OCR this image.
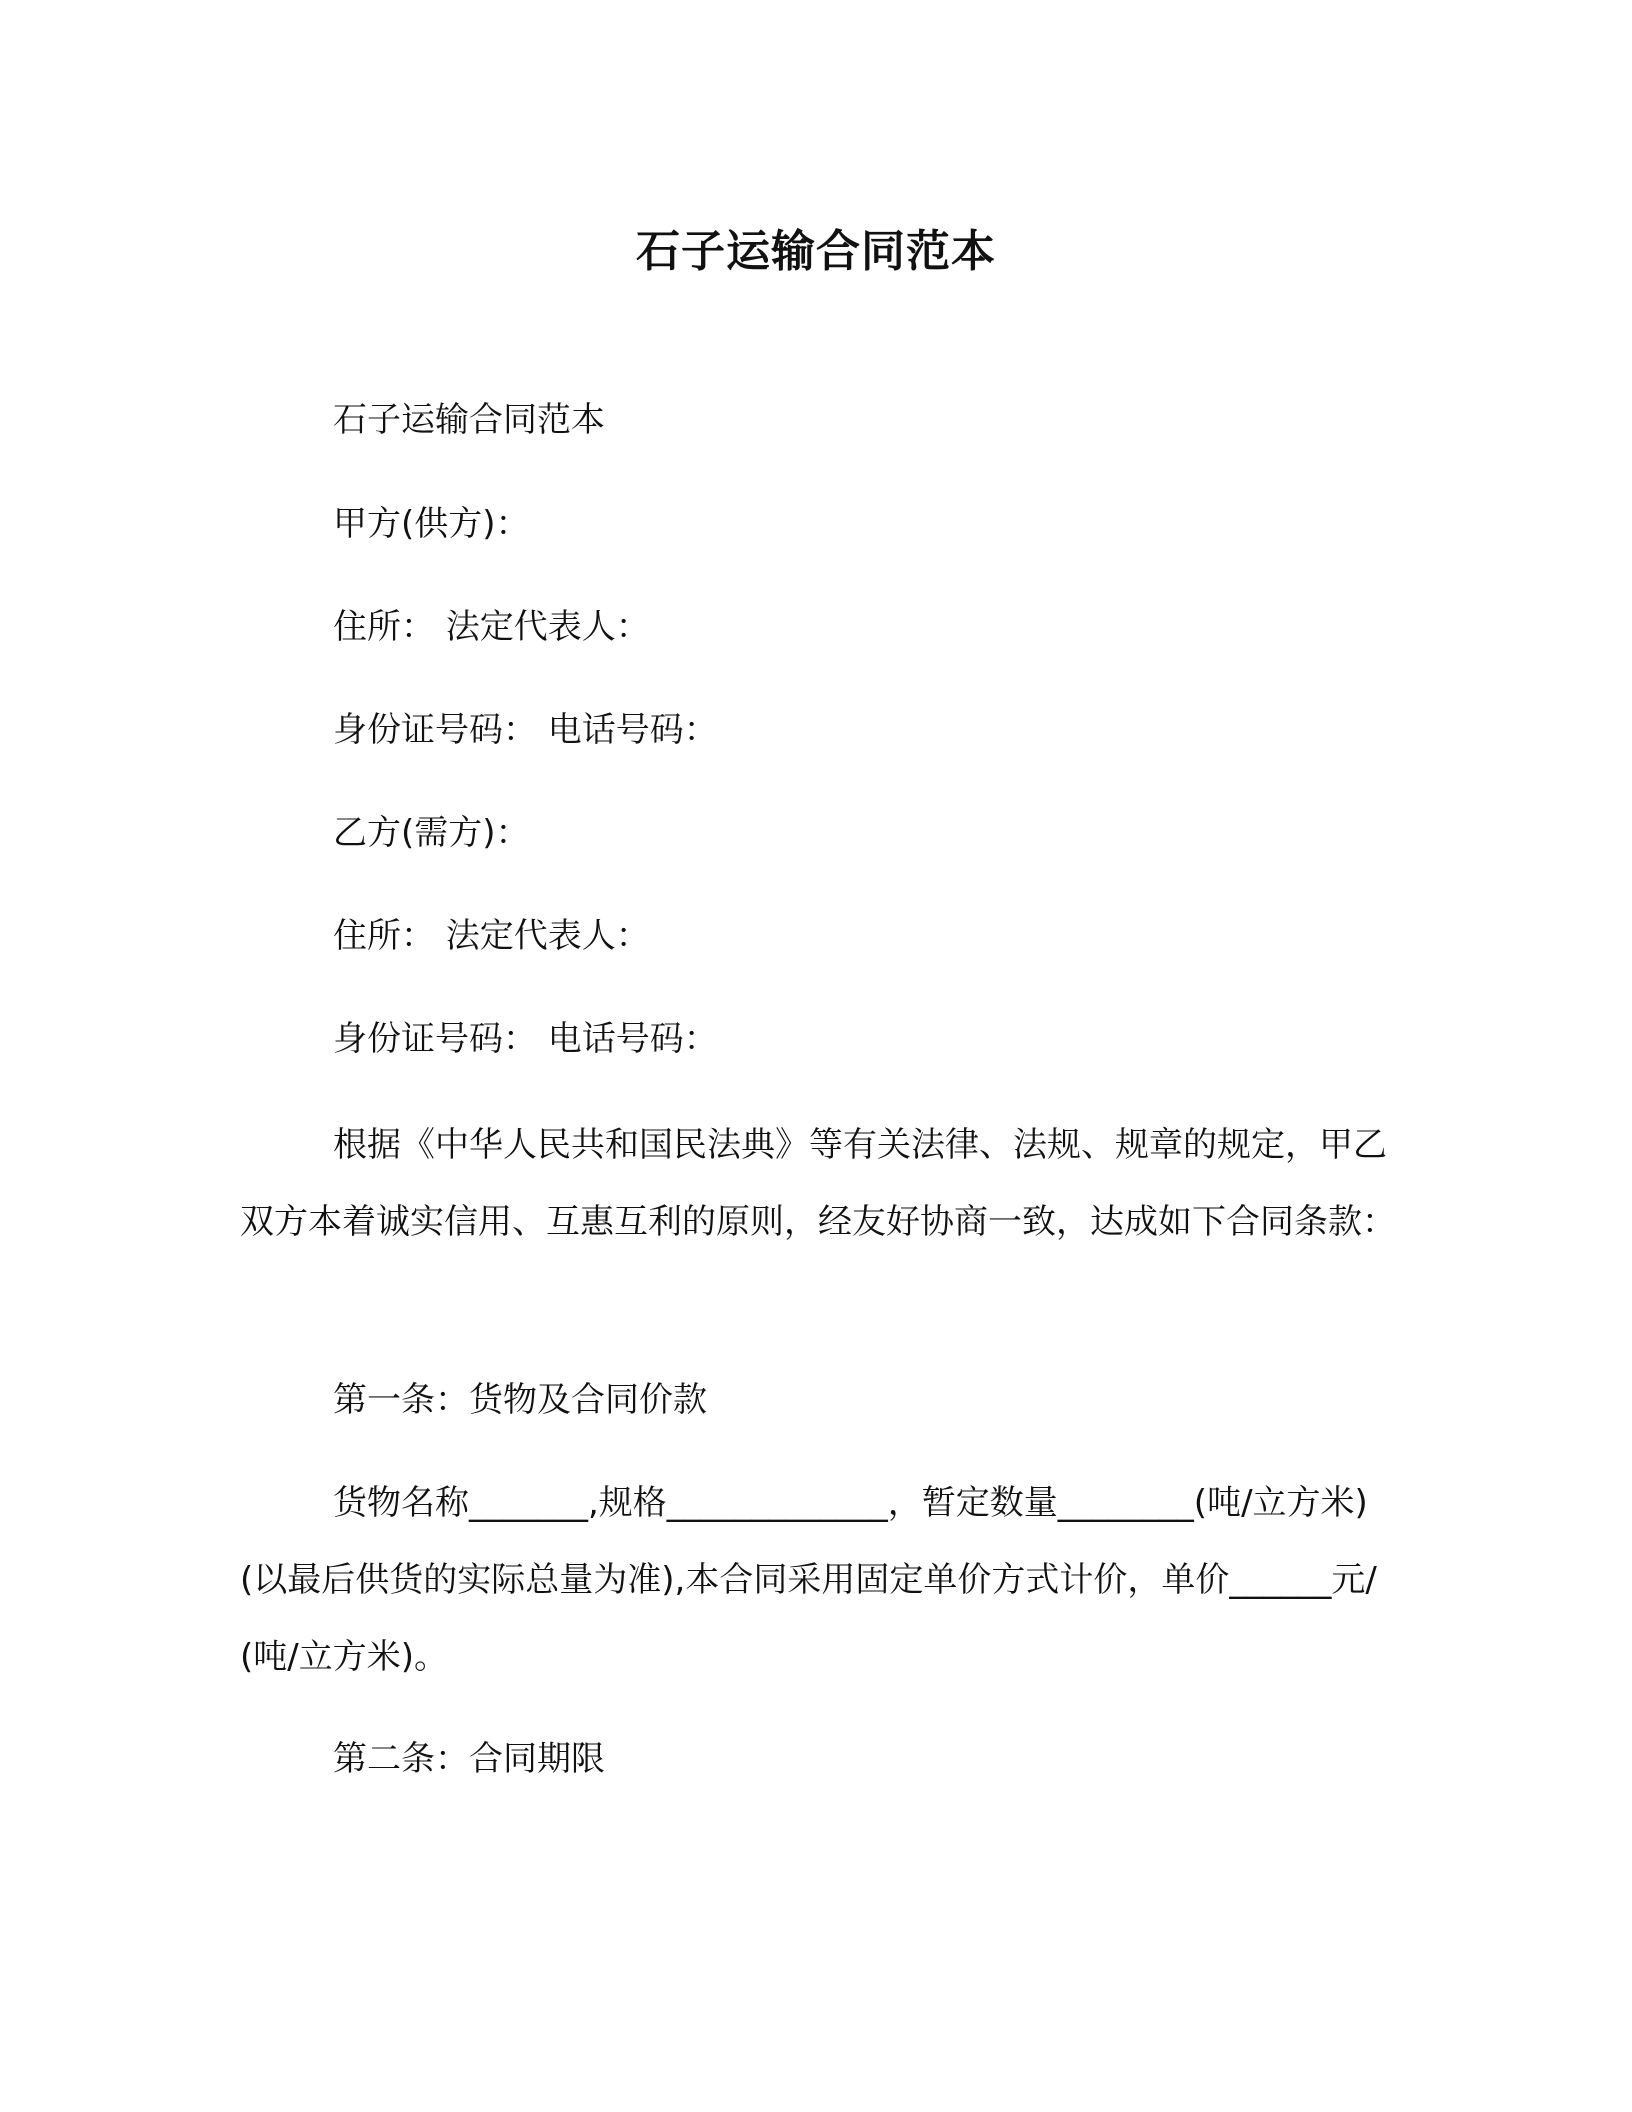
石子运输合同范本
石子运输合同范本
甲方(供方)：
住所： 法定代表人：
身份证号码： 电话号码：
乙方(需方)：
住所： 法定代表人：
身份证号码： 电话号码：
根据《中华人民共和国民法典》等有关法律、法规、规章的规定，甲乙双方本着诚实信用、互惠互利的原则，经友好协商一致，达成如下合同条款：
第一条：货物及合同价款
货物名称_______,规格_____________，暂定数量________(吨/立方米)(以最后供货的实际总量为准),本合同采用固定单价方式计价，单价______元/(吨/立方米)。
第二条：合同期限
